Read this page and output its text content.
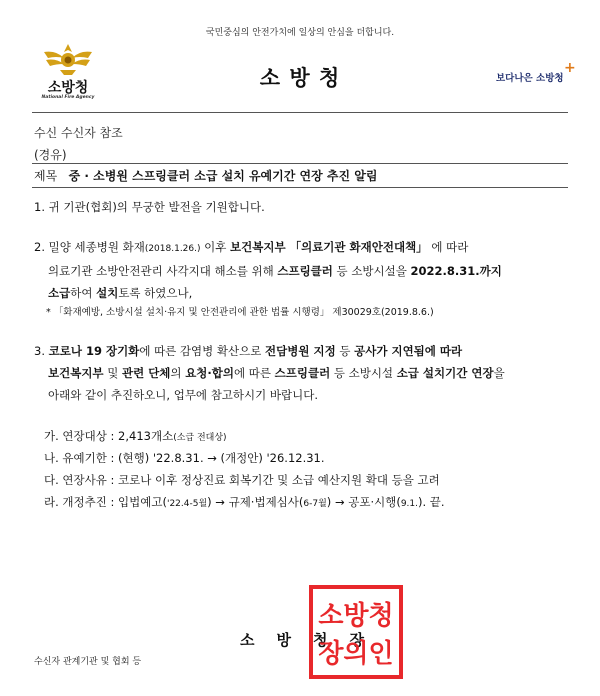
국민중심의 안전가치에 일상의 안심을 더합니다.
소방청
National Fire Agency
소 방 청	보다나은 소방청
+
수신 수신자 참조
(경유)
제목 중 · 소병원 스프링클러 소급 설치 유예기간 연장 추진 알림
1. 귀 기관(협회)의 무궁한 발전을 기원합니다.
2. 밀양 세종병원 화재(2018.1.26.) 이후 보건복지부 「의료기관 화재안전대책」 에 따라
의료기관 소방안전관리 사각지대 해소를 위해 스프링클러 등 소방시설을 2022.8.31.까지
소급하여 설치토록 하였으나,
* 「화재예방, 소방시설 설치·유지 및 안전관리에 관한 법률 시행령」 제30029호(2019.8.6.)
3. 코로나 19 장기화에 따른 감염병 확산으로 전담병원 지정 등 공사가 지연됨에 따라
보건복지부 및 관련 단체의 요청·합의에 따른 스프링클러 등 소방시설 소급 설치기간 연장을
아래와 같이 추진하오니, 업무에 참고하시기 바랍니다.
가. 연장대상 : 2,413개소(소급 전대상)
나. 유예기한 : (현행) '22.8.31. → (개정안) '26.12.31.
다. 연장사유 : 코로나 이후 정상진료 회복기간 및 소급 예산지원 확대 등을 고려
라. 개정추진 : 입법예고('22.4-5월) → 규제·법제심사(6-7월) → 공포·시행(9.1.). 끝.
소방청장
소방청
장의인
수신자 관계기관 및 협회 등
